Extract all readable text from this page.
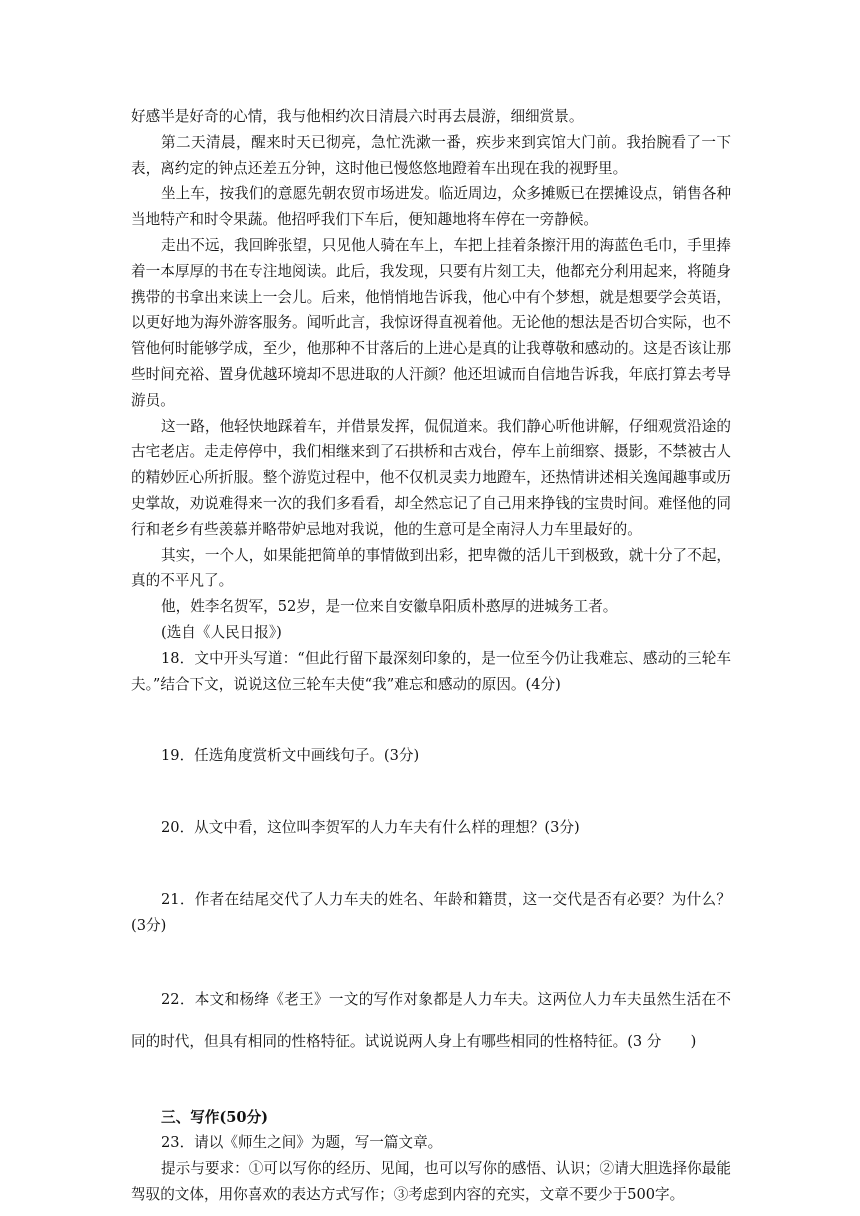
好感半是好奇的心情，我与他相约次日清晨六时再去晨游，细细赏景。

第二天清晨，醒来时天已彻亮，急忙洗漱一番，疾步来到宾馆大门前。我抬腕看了一下表，离约定的钟点还差五分钟，这时他已慢悠悠地蹬着车出现在我的视野里。

坐上车，按我们的意愿先朝农贸市场进发。临近周边，众多摊贩已在摆摊设点，销售各种当地特产和时令果蔬。他招呼我们下车后，便知趣地将车停在一旁静候。

走出不远，我回眸张望，只见他人骑在车上，车把上挂着条擦汗用的海蓝色毛巾，手里捧着一本厚厚的书在专注地阅读。此后，我发现，只要有片刻工夫，他都充分利用起来，将随身携带的书拿出来读上一会儿。后来，他悄悄地告诉我，他心中有个梦想，就是想要学会英语，以更好地为海外游客服务。闻听此言，我惊讶得直视着他。无论他的想法是否切合实际，也不管他何时能够学成，至少，他那种不甘落后的上进心是真的让我尊敬和感动的。这是否该让那些时间充裕、置身优越环境却不思进取的人汗颜？他还坦诚而自信地告诉我，年底打算去考导游员。

这一路，他轻快地踩着车，并借景发挥，侃侃道来。我们静心听他讲解，仔细观赏沿途的古宅老店。走走停停中，我们相继来到了石拱桥和古戏台，停车上前细察、摄影，不禁被古人的精妙匠心所折服。整个游览过程中，他不仅机灵卖力地蹬车，还热情讲述相关逸闻趣事或历史掌故，劝说难得来一次的我们多看看，却全然忘记了自己用来挣钱的宝贵时间。难怪他的同行和老乡有些羡慕并略带妒忌地对我说，他的生意可是全南浔人力车里最好的。

其实，一个人，如果能把简单的事情做到出彩，把卑微的活儿干到极致，就十分了不起，真的不平凡了。

他，姓李名贺军，52岁，是一位来自安徽阜阳质朴憨厚的进城务工者。

(选自《人民日报》)

18．文中开头写道：“但此行留下最深刻印象的，是一位至今仍让我难忘、感动的三轮车夫。”结合下文，说说这位三轮车夫使“我”难忘和感动的原因。(4分)

19．任选角度赏析文中画线句子。(3分)

20．从文中看，这位叫李贺军的人力车夫有什么样的理想？(3分)

21．作者在结尾交代了人力车夫的姓名、年龄和籍贯，这一交代是否有必要？为什么？(3分)

22．本文和杨绛《老王》一文的写作对象都是人力车夫。这两位人力车夫虽然生活在不同的时代，但具有相同的性格特征。试说说两人身上有哪些相同的性格特征。(3 分　　)

三、写作(50分)

23．请以《师生之间》为题，写一篇文章。

提示与要求：①可以写你的经历、见闻，也可以写你的感悟、认识；②请大胆选择你最能驾驭的文体，用你喜欢的表达方式写作；③考虑到内容的充实，文章不要少于500字。
